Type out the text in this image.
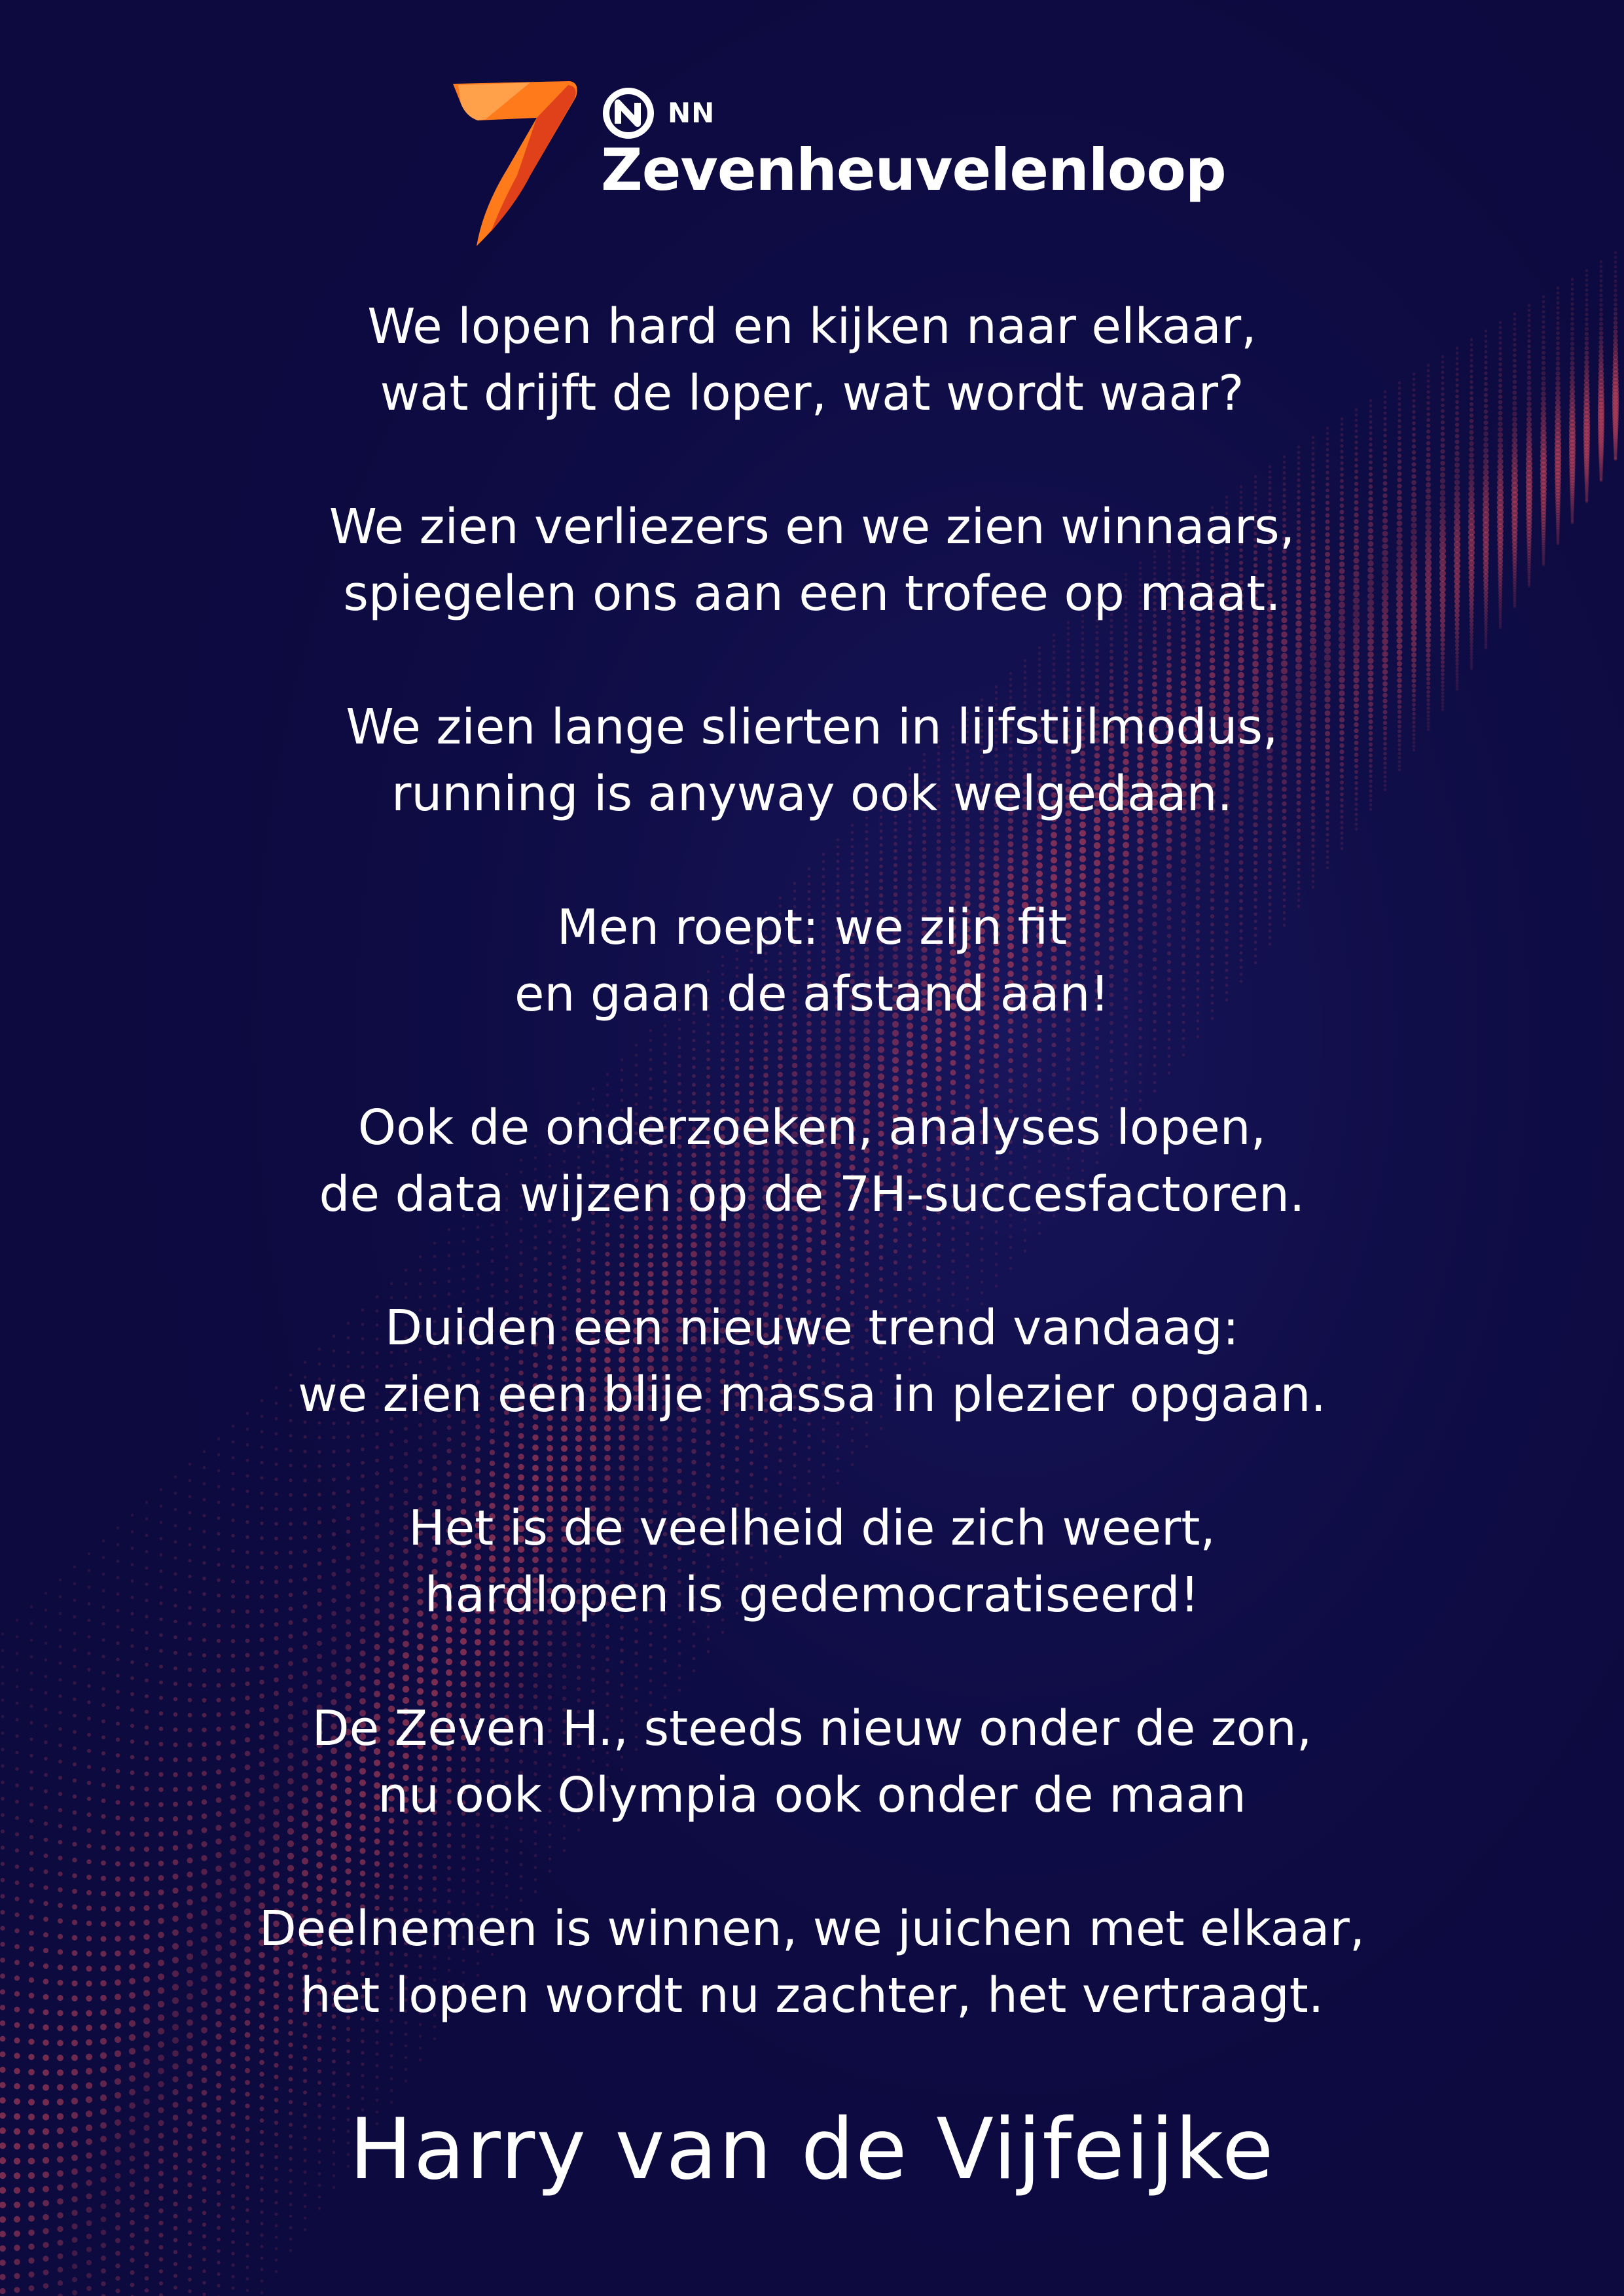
NN
Zevenheuvelenloop
We lopen hard en kijken naar elkaar,
wat drijft de loper, wat wordt waar?
We zien verliezers en we zien winnaars,
spiegelen ons aan een trofee op maat.
We zien lange slierten in lijfstijlmodus,
running is anyway ook welgedaan.
Men roept: we zijn fit
en gaan de afstand aan!
Ook de onderzoeken, analyses lopen,
de data wijzen op de 7H-succesfactoren.
Duiden een nieuwe trend vandaag:
we zien een blije massa in plezier opgaan.
Het is de veelheid die zich weert,
hardlopen is gedemocratiseerd!
De Zeven H., steeds nieuw onder de zon,
nu ook Olympia ook onder de maan
Deelnemen is winnen, we juichen met elkaar,
het lopen wordt nu zachter, het vertraagt.
Harry van de Vijfeijke
